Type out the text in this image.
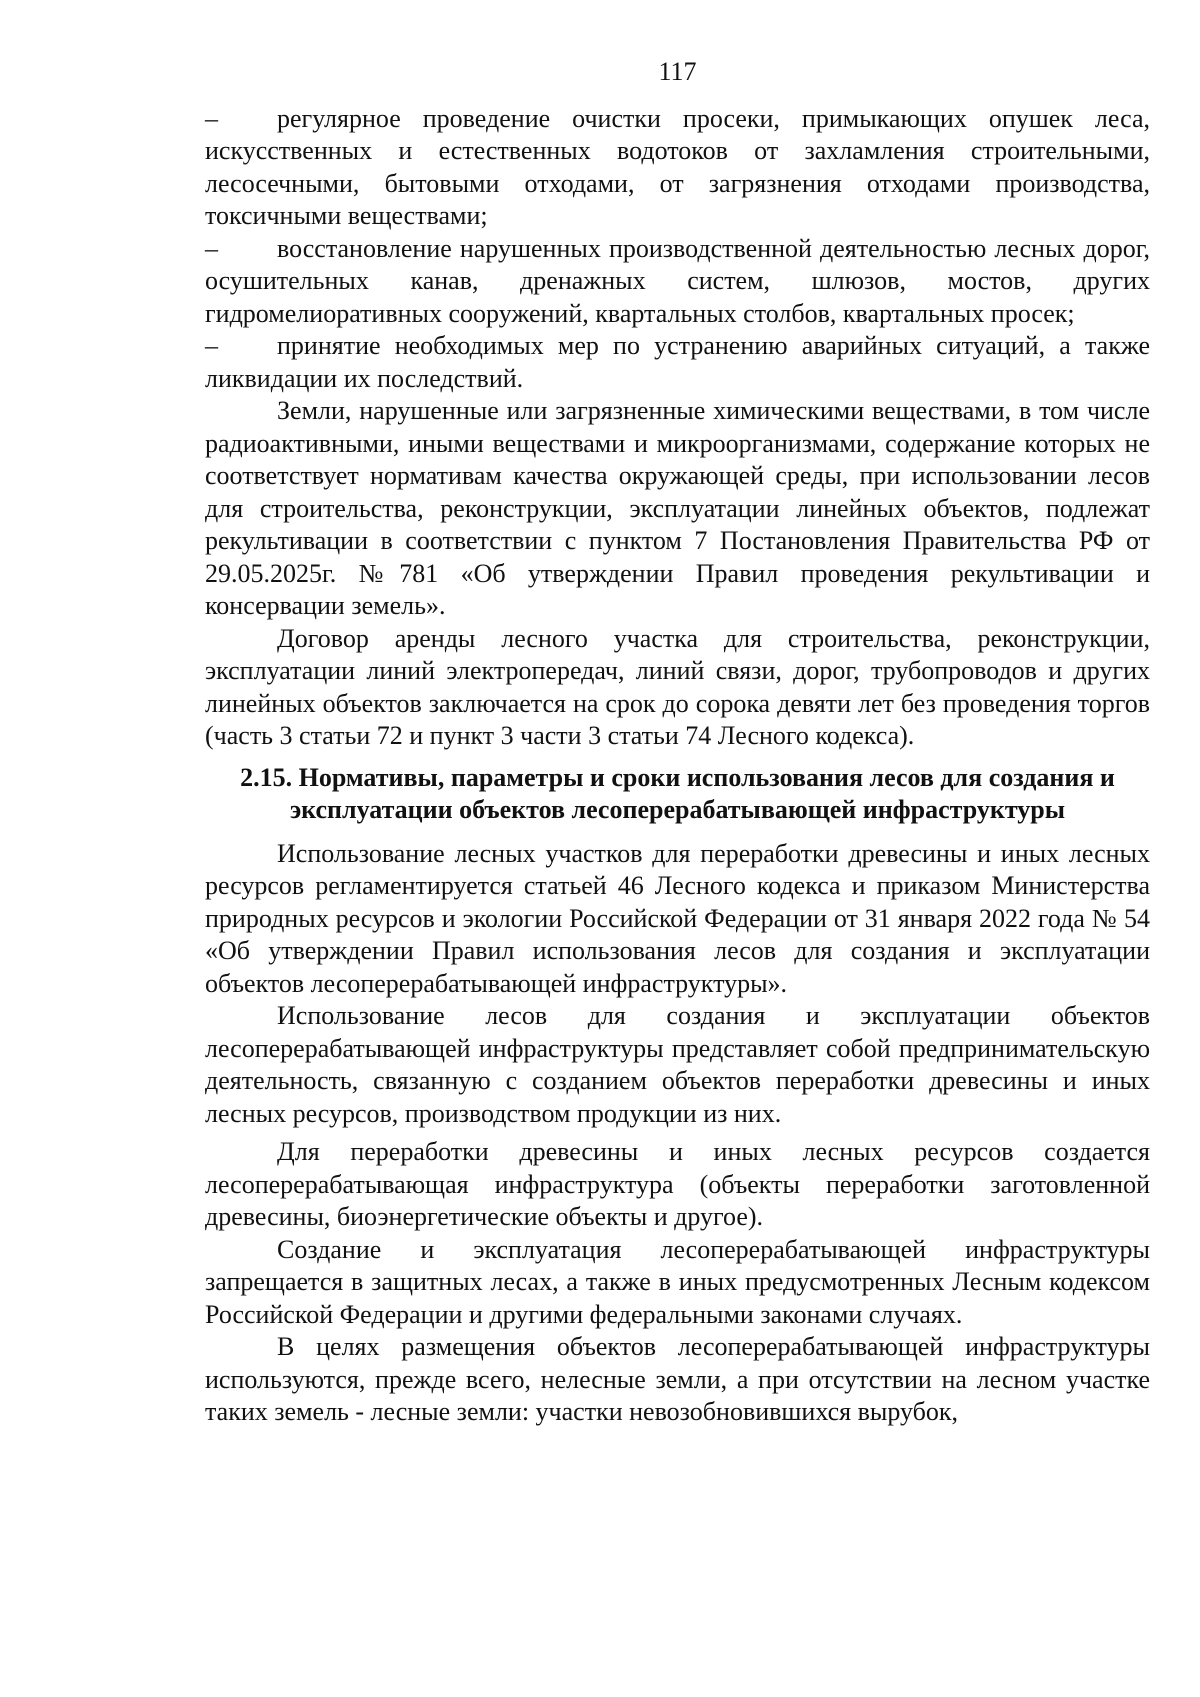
117

– регулярное проведение очистки просеки, примыкающих опушек леса, искусственных и естественных водотоков от захламления строительными, лесосечными, бытовыми отходами, от загрязнения отходами производства, токсичными веществами;

– восстановление нарушенных производственной деятельностью лесных дорог, осушительных канав, дренажных систем, шлюзов, мостов, других гидромелиоративных сооружений, квартальных столбов, квартальных просек;

– принятие необходимых мер по устранению аварийных ситуаций, а также ликвидации их последствий.

Земли, нарушенные или загрязненные химическими веществами, в том числе радиоактивными, иными веществами и микроорганизмами, содержание которых не соответствует нормативам качества окружающей среды, при использовании лесов для строительства, реконструкции, эксплуатации линейных объектов, подлежат рекультивации в соответствии с пунктом 7 Постановления Правительства РФ от 29.05.2025г. №781 «Об утверждении Правил проведения рекультивации и консервации земель».

Договор аренды лесного участка для строительства, реконструкции, эксплуатации линий электропередач, линий связи, дорог, трубопроводов и других линейных объектов заключается на срок до сорока девяти лет без проведения торгов (часть 3 статьи 72 и пункт 3 части 3 статьи 74 Лесного кодекса).

2.15. Нормативы, параметры и сроки использования лесов для создания и эксплуатации объектов лесоперерабатывающей инфраструктуры

Использование лесных участков для переработки древесины и иных лесных ресурсов регламентируется статьей 46 Лесного кодекса и приказом Министерства природных ресурсов и экологии Российской Федерации от 31 января 2022 года № 54 «Об утверждении Правил использования лесов для создания и эксплуатации объектов лесоперерабатывающей инфраструктуры».

Использование лесов для создания и эксплуатации объектов лесоперерабатывающей инфраструктуры представляет собой предпринимательскую деятельность, связанную с созданием объектов переработки древесины и иных лесных ресурсов, производством продукции из них.

Для переработки древесины и иных лесных ресурсов создается лесоперерабатывающая инфраструктура (объекты переработки заготовленной древесины, биоэнергетические объекты и другое).

Создание и эксплуатация лесоперерабатывающей инфраструктуры запрещается в защитных лесах, а также в иных предусмотренных Лесным кодексом Российской Федерации и другими федеральными законами случаях.

В целях размещения объектов лесоперерабатывающей инфраструктуры используются, прежде всего, нелесные земли, а при отсутствии на лесном участке таких земель - лесные земли: участки невозобновившихся вырубок,
